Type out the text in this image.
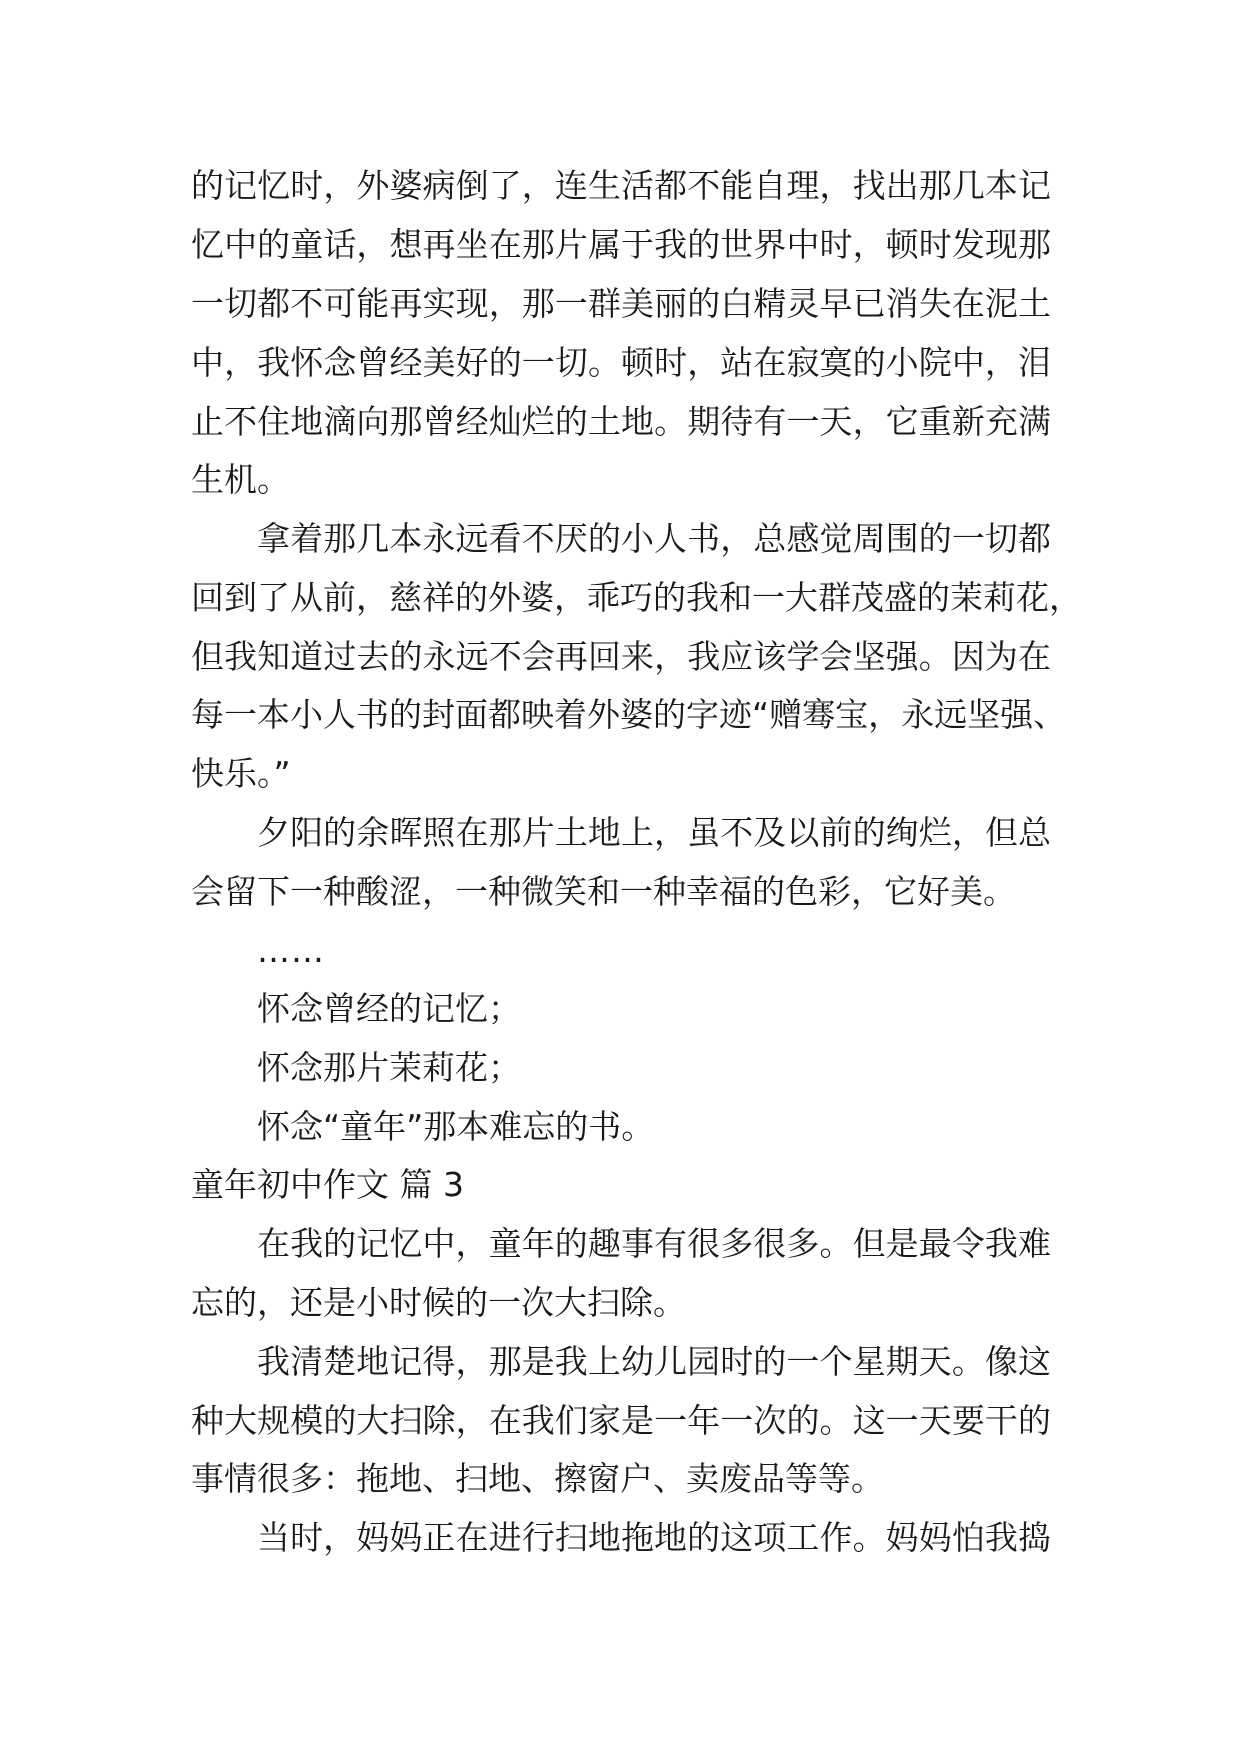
的记忆时，外婆病倒了，连生活都不能自理，找出那几本记

忆中的童话，想再坐在那片属于我的世界中时，顿时发现那

一切都不可能再实现，那一群美丽的白精灵早已消失在泥土

中，我怀念曾经美好的一切。顿时，站在寂寞的小院中，泪

止不住地滴向那曾经灿烂的土地。期待有一天，它重新充满

生机。

拿着那几本永远看不厌的小人书，总感觉周围的一切都

回到了从前，慈祥的外婆，乖巧的我和一大群茂盛的茉莉花，

但我知道过去的永远不会再回来，我应该学会坚强。因为在

每一本小人书的封面都映着外婆的字迹“赠骞宝，永远坚强、

快乐。”

夕阳的余晖照在那片土地上，虽不及以前的绚烂，但总

会留下一种酸涩，一种微笑和一种幸福的色彩，它好美。

……

怀念曾经的记忆；

怀念那片茉莉花；

怀念“童年”那本难忘的书。

童年初中作文 篇 3

在我的记忆中，童年的趣事有很多很多。但是最令我难

忘的，还是小时候的一次大扫除。

我清楚地记得，那是我上幼儿园时的一个星期天。像这

种大规模的大扫除，在我们家是一年一次的。这一天要干的

事情很多：拖地、扫地、擦窗户、卖废品等等。

当时，妈妈正在进行扫地拖地的这项工作。妈妈怕我捣
